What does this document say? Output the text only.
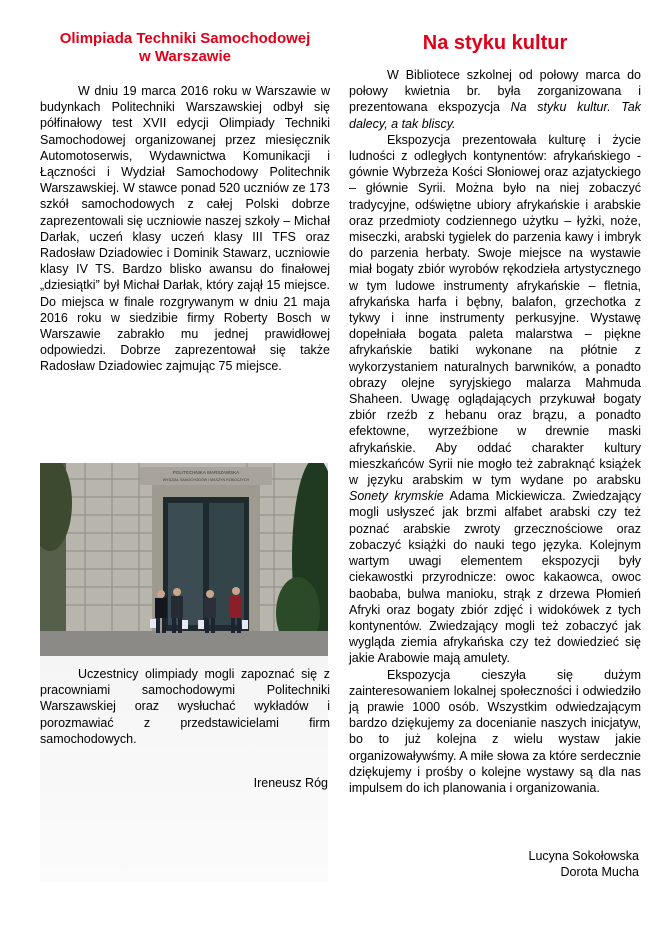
Olimpiada Techniki Samochodowej
w Warszawie

W dniu 19 marca 2016 roku w Warszawie w budynkach Politechniki Warszawskiej odbył się półfinałowy test XVII edycji Olimpiady Techniki Samochodowej organizowanej przez miesięcznik Automotoserwis, Wydawnictwa Komunikacji i Łączności i Wydział Samochodowy Politechnik Warszawskiej. W stawce ponad 520 uczniów ze 173 szkół samochodowych z całej Polski dobrze zaprezentowali się uczniowie naszej szkoły – Michał Darłak, uczeń klasy uczeń klasy III TFS oraz Radosław Dziadowiec i Dominik Stawarz, uczniowie klasy IV TS. Bardzo blisko awansu do finałowej „dziesiątki” był Michał Darłak, który zajął 15 miejsce. Do miejsca w finale rozgrywanym w dniu 21 maja 2016 roku w siedzibie firmy Roberty Bosch w Warszawie zabrakło mu jednej prawidłowej odpowiedzi. Dobrze zaprezentował się także Radosław Dziadowiec zajmując 75 miejsce.

POLITECHNIKA WARSZAWSKA
WYDZIAŁ SAMOCHODÓW I MASZYN ROBOCZYCH

Uczestnicy olimpiady mogli zapoznać się z pracowniami samochodowymi Politechniki Warszawskiej oraz wysłuchać wykładów i porozmawiać z przedstawicielami firm samochodowych.

Ireneusz Róg
Na styku kultur

W Bibliotece szkolnej od połowy marca do połowy kwietnia br. była zorganizowana i prezentowana ekspozycja Na styku kultur. Tak dalecy, a tak bliscy.

Ekspozycja prezentowała kulturę i życie ludności z odległych kontynentów: afrykańskiego - gównie Wybrzeża Kości Słoniowej oraz azjatyckiego – głównie Syrii. Można było na niej zobaczyć tradycyjne, odświętne ubiory afrykańskie i arabskie oraz przedmioty codziennego użytku – łyżki, noże, miseczki, arabski tygielek do parzenia kawy i imbryk do parzenia herbaty. Swoje miejsce na wystawie miał bogaty zbiór wyrobów rękodzieła artystycznego w tym ludowe instrumenty afrykańskie – fletnia, afrykańska harfa i bębny, balafon, grzechotka z tykwy i inne instrumenty perkusyjne. Wystawę dopełniała bogata paleta malarstwa – piękne afrykańskie batiki wykonane na płótnie z wykorzystaniem naturalnych barwników, a ponadto obrazy olejne syryjskiego malarza Mahmuda Shaheen. Uwagę oglądających przykuwał bogaty zbiór rzeźb z hebanu oraz brązu, a ponadto efektowne, wyrzeźbione w drewnie maski afrykańskie. Aby oddać charakter kultury mieszkańców Syrii nie mogło też zabraknąć książek w języku arabskim w tym wydane po arabsku Sonety krymskie Adama Mickiewicza. Zwiedzający mogli usłyszeć jak brzmi alfabet arabski czy też poznać arabskie zwroty grzecznościowe oraz zobaczyć książki do nauki tego języka. Kolejnym wartym uwagi elementem ekspozycji były ciekawostki przyrodnicze: owoc kakaowca, owoc baobaba, bulwa manioku, strąk z drzewa Płomień Afryki oraz bogaty zbiór zdjęć i widokówek z tych kontynentów. Zwiedzający mogli też zobaczyć jak wygląda ziemia afrykańska czy też dowiedzieć się jakie Arabowie mają amulety.

Ekspozycja cieszyła się dużym zainteresowaniem lokalnej społeczności i odwiedziło ją prawie 1000 osób. Wszystkim odwiedzającym bardzo dziękujemy za docenianie naszych inicjatyw, bo to już kolejna z wielu wystaw jakie organizowaływśmy. A miłe słowa za które serdecznie dziękujemy i prośby o kolejne wystawy są dla nas impulsem do ich planowania i organizowania.

Lucyna Sokołowska
Dorota Mucha
